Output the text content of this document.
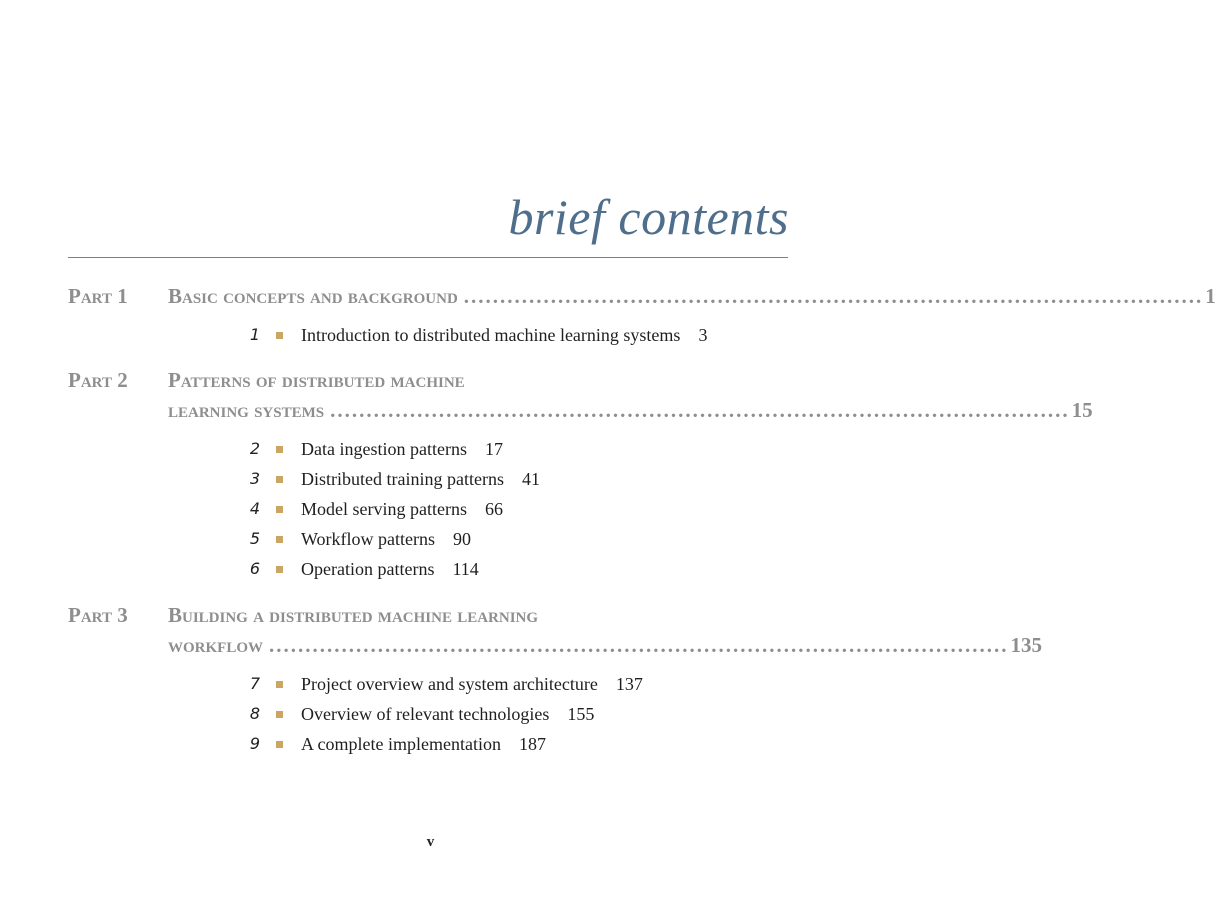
brief contents
Part 1 Basic concepts and background ...................................................................................................... 1
1 Introduction to distributed machine learning systems 3
Part 2 Patterns of distributed machine
learning systems ...................................................................................................... 15
2 Data ingestion patterns 17
3 Distributed training patterns 41
4 Model serving patterns 66
5 Workflow patterns 90
6 Operation patterns 114
Part 3 Building a distributed machine learning
workflow ...................................................................................................... 135
7 Project overview and system architecture 137
8 Overview of relevant technologies 155
9 A complete implementation 187
v
